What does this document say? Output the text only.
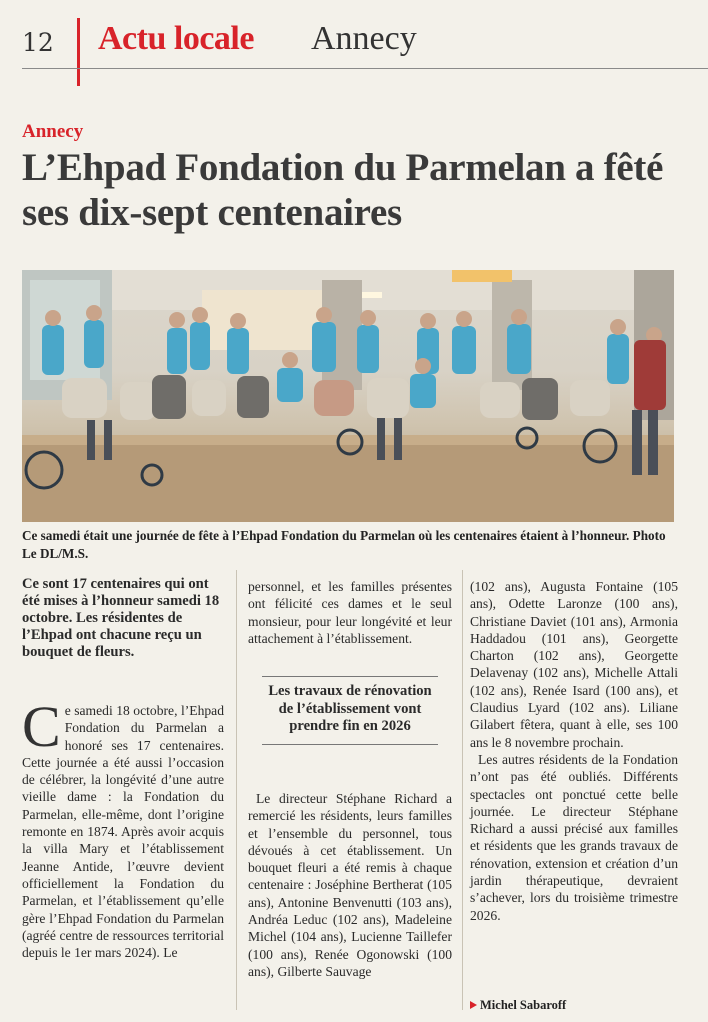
12 Actu locale Annecy
Annecy
L’Ehpad Fondation du Parmelan a fêté ses dix-sept centenaires
Ce samedi était une journée de fête à l’Ehpad Fondation du Parmelan où les centenaires étaient à l’honneur. Photo Le DL/M.S.
Ce sont 17 centenaires qui ont été mises à l’honneur samedi 18 octobre. Les résidentes de l’Ehpad ont chacune reçu un bouquet de fleurs.
Ce samedi 18 octobre, l’Ehpad Fondation du Parmelan a honoré ses 17 centenaires. Cette journée a été aussi l’occasion de célébrer, la longévité d’une autre vieille dame : la Fondation du Parmelan, elle-même, dont l’origine remonte en 1874. Après avoir acquis la villa Mary et l’établissement Jeanne Antide, l’œuvre devient officiellement la Fondation du Parmelan, et l’établissement qu’elle gère l’Ehpad Fondation du Parmelan (agréé centre de ressources territorial depuis le 1er mars 2024). Le
personnel, et les familles présentes ont félicité ces dames et le seul monsieur, pour leur longévité et leur attachement à l’établissement.
Les travaux de rénovation de l’établissement vont prendre fin en 2026
Le directeur Stéphane Richard a remercié les résidents, leurs familles et l’ensemble du personnel, tous dévoués à cet établissement. Un bouquet fleuri a été remis à chaque centenaire : Joséphine Bertherat (105 ans), Antonine Benvenutti (103 ans), Andréa Leduc (102 ans), Madeleine Michel (104 ans), Lucienne Taillefer (100 ans), Renée Ogonowski (100 ans), Gilberte Sauvage

(102 ans), Augusta Fontaine (105 ans), Odette Laronze (100 ans), Christiane Daviet (101 ans), Armonia Haddadou (101 ans), Georgette Charton (102 ans), Georgette Delavenay (102 ans), Michelle Attali (102 ans), Renée Isard (100 ans), et Claudius Lyard (102 ans). Liliane Gilabert fêtera, quant à elle, ses 100 ans le 8 novembre prochain.

Les autres résidents de la Fondation n’ont pas été oubliés. Différents spectacles ont ponctué cette belle journée. Le directeur Stéphane Richard a aussi précisé aux familles et résidents que les grands travaux de rénovation, extension et création d’un jardin thérapeutique, devraient s’achever, lors du troisième trimestre 2026.

Michel Sabaroff
